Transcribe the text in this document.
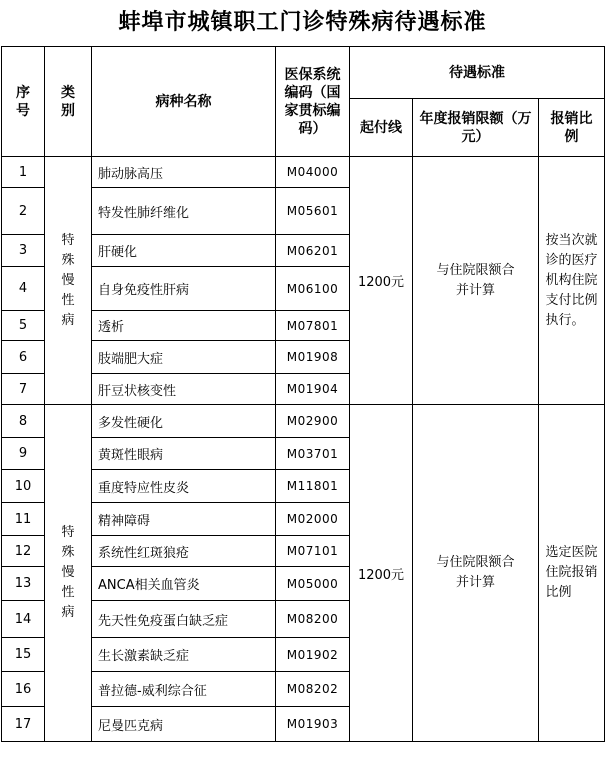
蚌埠市城镇职工门诊特殊病待遇标准
序号	类别	病种名称	医保系统编码（国家贯标编码）	待遇标准		
				起付线	年度报销限额（万元）	报销比例
1	特殊慢性病	肺动脉高压	M04000	1200元	与住院限额合并计算	按当次就诊的医疗机构住院支付比例执行。

2		特发性肺纤维化	M05601			
3		肝硬化	M06201			
4		自身免疫性肝病	M06100			
5		透析	M07801			
6		肢端肥大症	M01908			
7		肝豆状核变性	M01904			
8	特殊慢性病	多发性硬化	M02900	1200元	与住院限额合并计算	选定医院住院报销比例

9		黄斑性眼病	M03701			
10		重度特应性皮炎	M11801			
11		精神障碍	M02000			
12		系统性红斑狼疮	M07101			
13		ANCA相关血管炎	M05000			
14		先天性免疫蛋白缺乏症	M08200			
15		生长激素缺乏症	M01902			
16		普拉德-威利综合征	M08202			
17		尼曼匹克病	M01903			
